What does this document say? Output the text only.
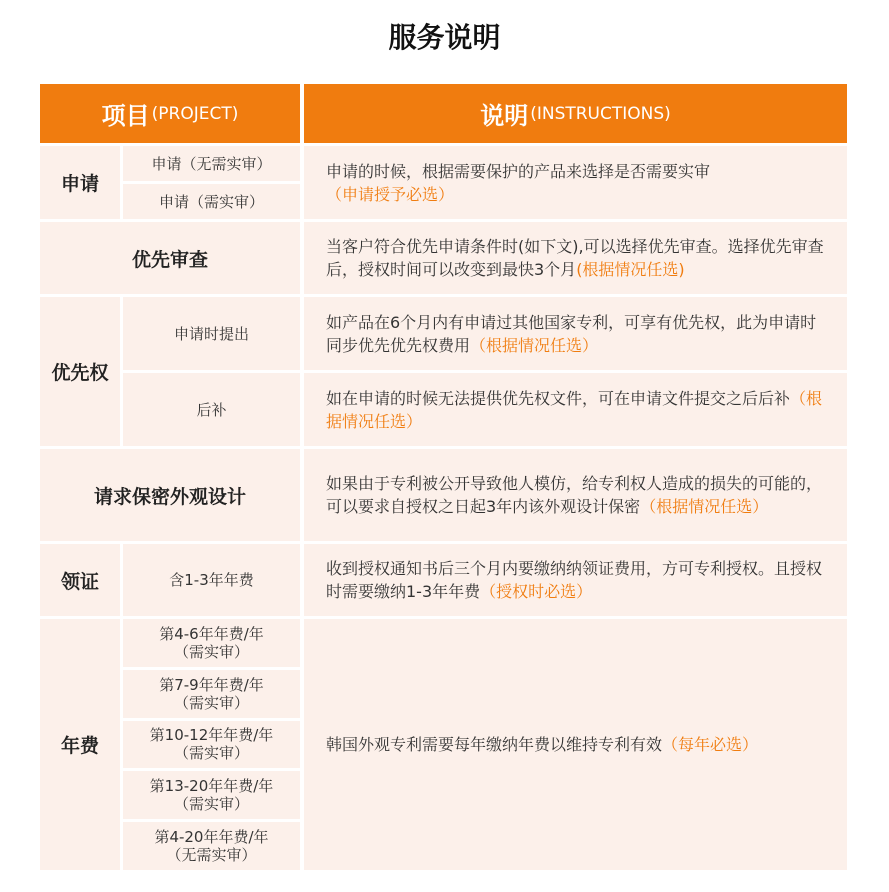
服务说明
项目 (PROJECT)	说明 (INSTRUCTIONS)
申请
申请（无需实审）
申请（需实审）

申请的时候，根据需要保护的产品来选择是否需要实审（申请授予必选）

优先审查

当客户符合优先申请条件时(如下文),可以选择优先审查。选择优先审查后，授权时间可以改变到最快3个月(根据情况任选)

优先权
申请时提出
后补

如产品在6个月内有申请过其他国家专利，可享有优先权，此为申请时同步优先优先权费用（根据情况任选）

如在申请的时候无法提供优先权文件，可在申请文件提交之后后补（根据情况任选）

请求保密外观设计

如果由于专利被公开导致他人模仿，给专利权人造成的损失的可能的，可以要求自授权之日起3年内该外观设计保密（根据情况任选）

领证	含1-3年年费

收到授权通知书后三个月内要缴纳纳领证费用，方可专利授权。且授权时需要缴纳1-3年年费（授权时必选）

年费
第4-6年年费/年
（需实审）
第7-9年年费/年
（需实审）
第10-12年年费/年
（需实审）
第13-20年年费/年
（需实审）
第4-20年年费/年
（无需实审）

韩国外观专利需要每年缴纳年费以维持专利有效（每年必选）
